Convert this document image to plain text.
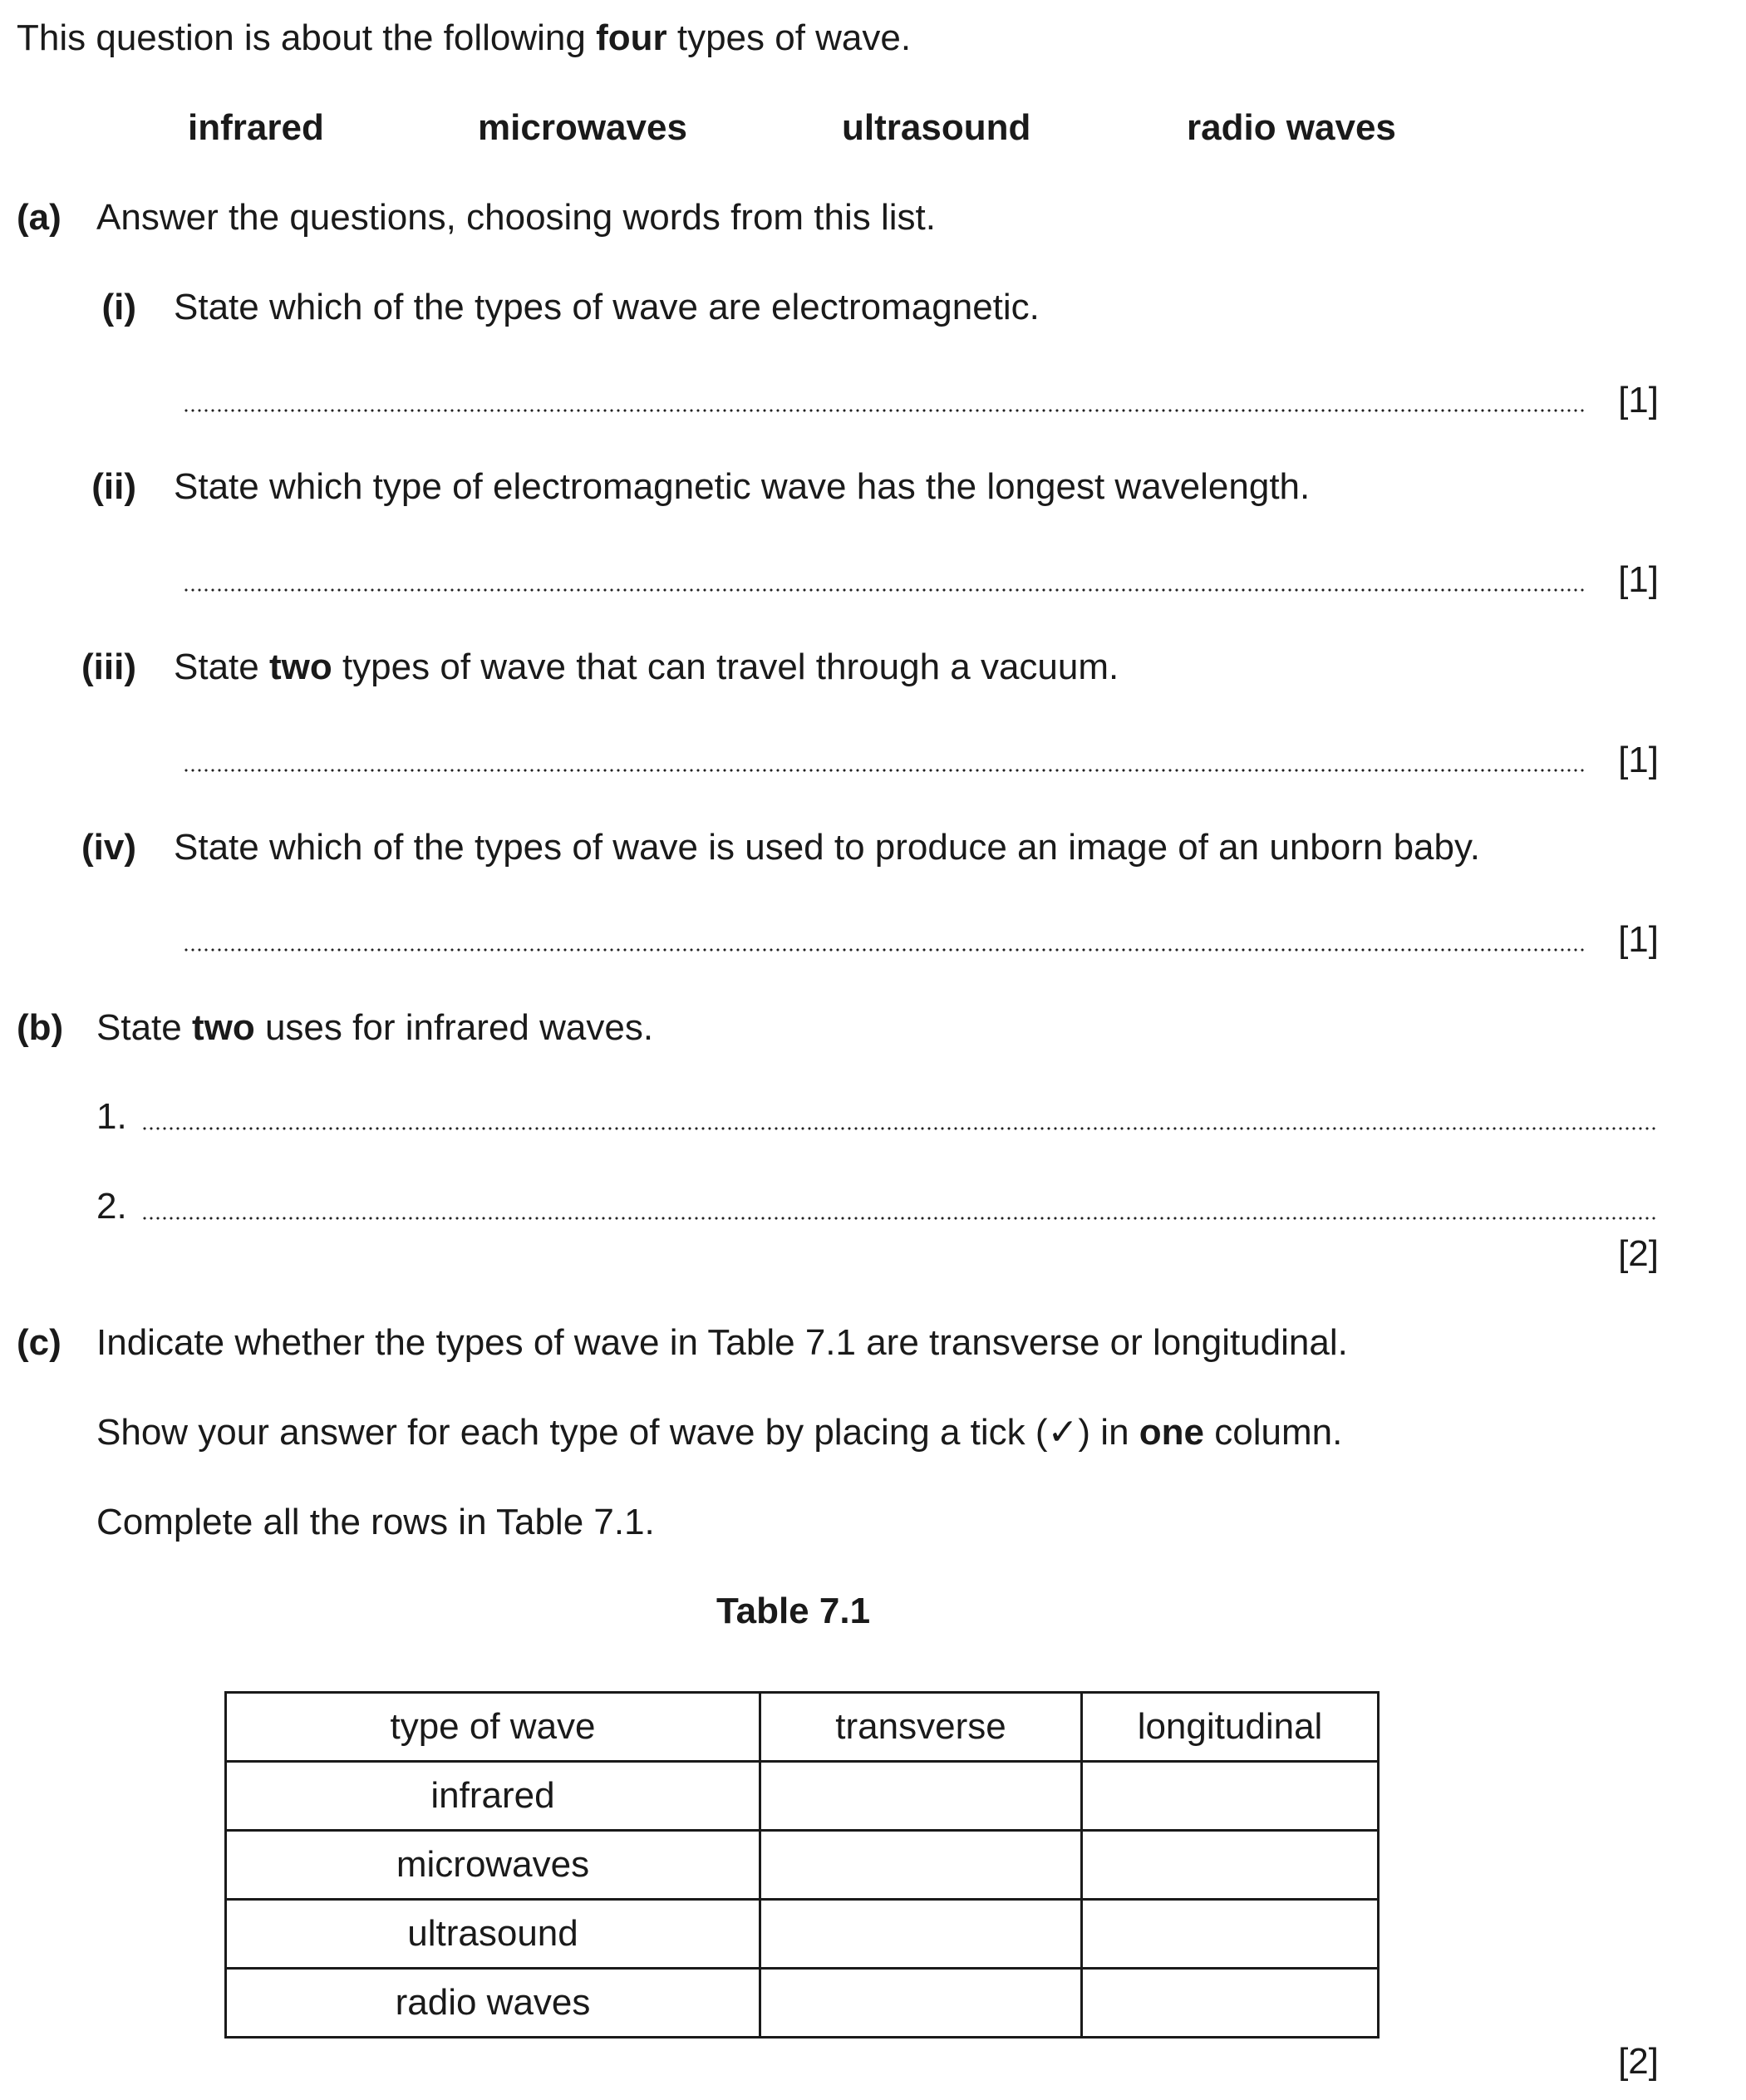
This question is about the following four types of wave.
infrared	microwaves	ultrasound	radio waves
(a) Answer the questions, choosing words from this list.
(i) State which of the types of wave are electromagnetic.
[1]
(ii) State which type of electromagnetic wave has the longest wavelength.
[1]
(iii) State two types of wave that can travel through a vacuum.
[1]
(iv) State which of the types of wave is used to produce an image of an unborn baby.
[1]
(b) State two uses for infrared waves.
1.
2.
[2]
(c) Indicate whether the types of wave in Table 7.1 are transverse or longitudinal.
Show your answer for each type of wave by placing a tick (✓) in one column.
Complete all the rows in Table 7.1.
Table 7.1
type of wave	transverse	longitudinal
infrared		
microwaves		
ultrasound		
radio waves		
[2]
